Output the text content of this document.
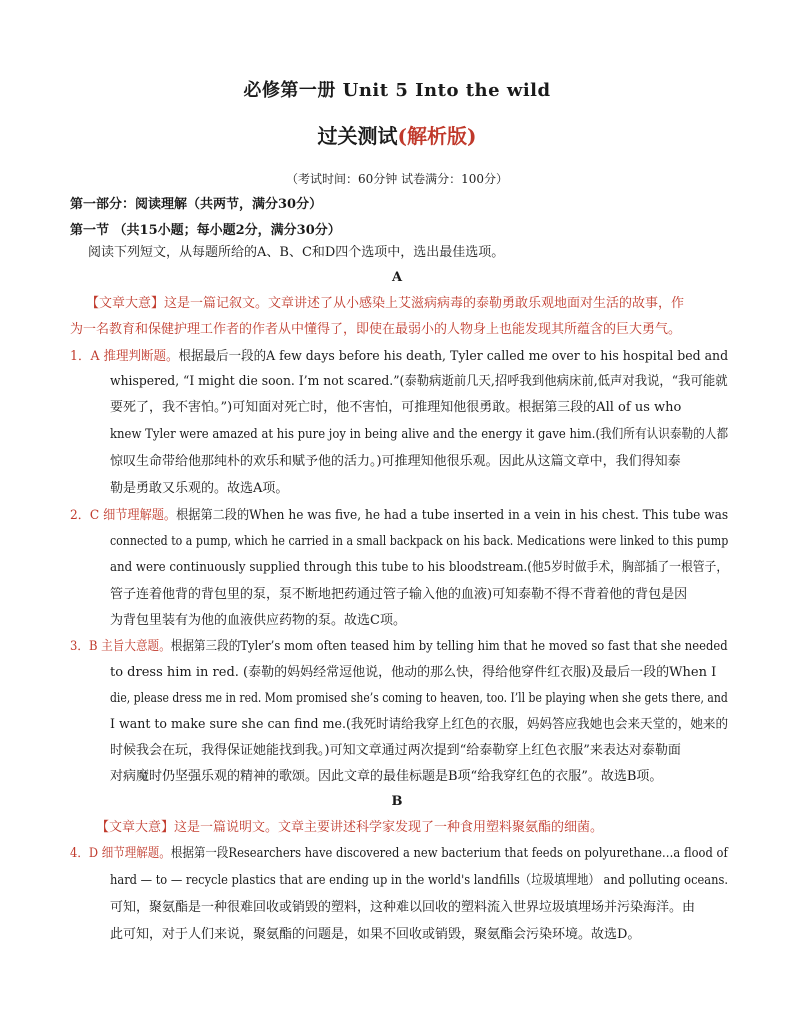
必修第一册 Unit 5 Into the wild
过关测试(解析版)
（考试时间：60分钟 试卷满分：100分）
第一部分：阅读理解（共两节，满分30分）
第一节 （共15小题；每小题2分，满分30分）
阅读下列短文，从每题所给的A、B、C和D四个选项中，选出最佳选项。
A
【文章大意】这是一篇记叙文。文章讲述了从小感染上艾滋病病毒的泰勒勇敢乐观地面对生活的故事，作
为一名教育和保健护理工作者的作者从中懂得了，即使在最弱小的人物身上也能发现其所蕴含的巨大勇气。
1．A 推理判断题。根据最后一段的A few days before his death, Tyler called me over to his hospital bed and
whispered, “I might die soon. I’m not scared.”(泰勒病逝前几天,招呼我到他病床前,低声对我说，“我可能就
要死了，我不害怕。”)可知面对死亡时，他不害怕，可推理知他很勇敢。根据第三段的All of us who
knew Tyler were amazed at his pure joy in being alive and the energy it gave him.(我们所有认识泰勒的人都
惊叹生命带给他那纯朴的欢乐和赋予他的活力。)可推理知他很乐观。因此从这篇文章中，我们得知泰
勒是勇敢又乐观的。故选A项。
2．C 细节理解题。根据第二段的When he was five, he had a tube inserted in a vein in his chest. This tube was
connected to a pump, which he carried in a small backpack on his back. Medications were linked to this pump
and were continuously supplied through this tube to his bloodstream.(他5岁时做手术，胸部插了一根管子，
管子连着他背的背包里的泵，泵不断地把药通过管子输入他的血液)可知泰勒不得不背着他的背包是因
为背包里装有为他的血液供应药物的泵。故选C项。
3．B 主旨大意题。根据第三段的Tyler’s mom often teased him by telling him that he moved so fast that she needed
to dress him in red. (泰勒的妈妈经常逗他说，他动的那么快，得给他穿件红衣服)及最后一段的When I
die, please dress me in red. Mom promised she’s coming to heaven, too. I’ll be playing when she gets there, and
I want to make sure she can find me.(我死时请给我穿上红色的衣服，妈妈答应我她也会来天堂的，她来的
时候我会在玩，我得保证她能找到我。)可知文章通过两次提到“给泰勒穿上红色衣服”来表达对泰勒面
对病魔时仍坚强乐观的精神的歌颂。因此文章的最佳标题是B项“给我穿红色的衣服”。故选B项。
B
【文章大意】这是一篇说明文。文章主要讲述科学家发现了一种食用塑料聚氨酯的细菌。
4．D 细节理解题。根据第一段Researchers have discovered a new bacterium that feeds on polyurethane…a flood of
hard — to — recycle plastics that are ending up in the world's landfills（垃圾填埋地） and polluting oceans.
可知，聚氨酯是一种很难回收或销毁的塑料，这种难以回收的塑料流入世界垃圾填埋场并污染海洋。由
此可知，对于人们来说，聚氨酯的问题是，如果不回收或销毁，聚氨酯会污染环境。故选D。
